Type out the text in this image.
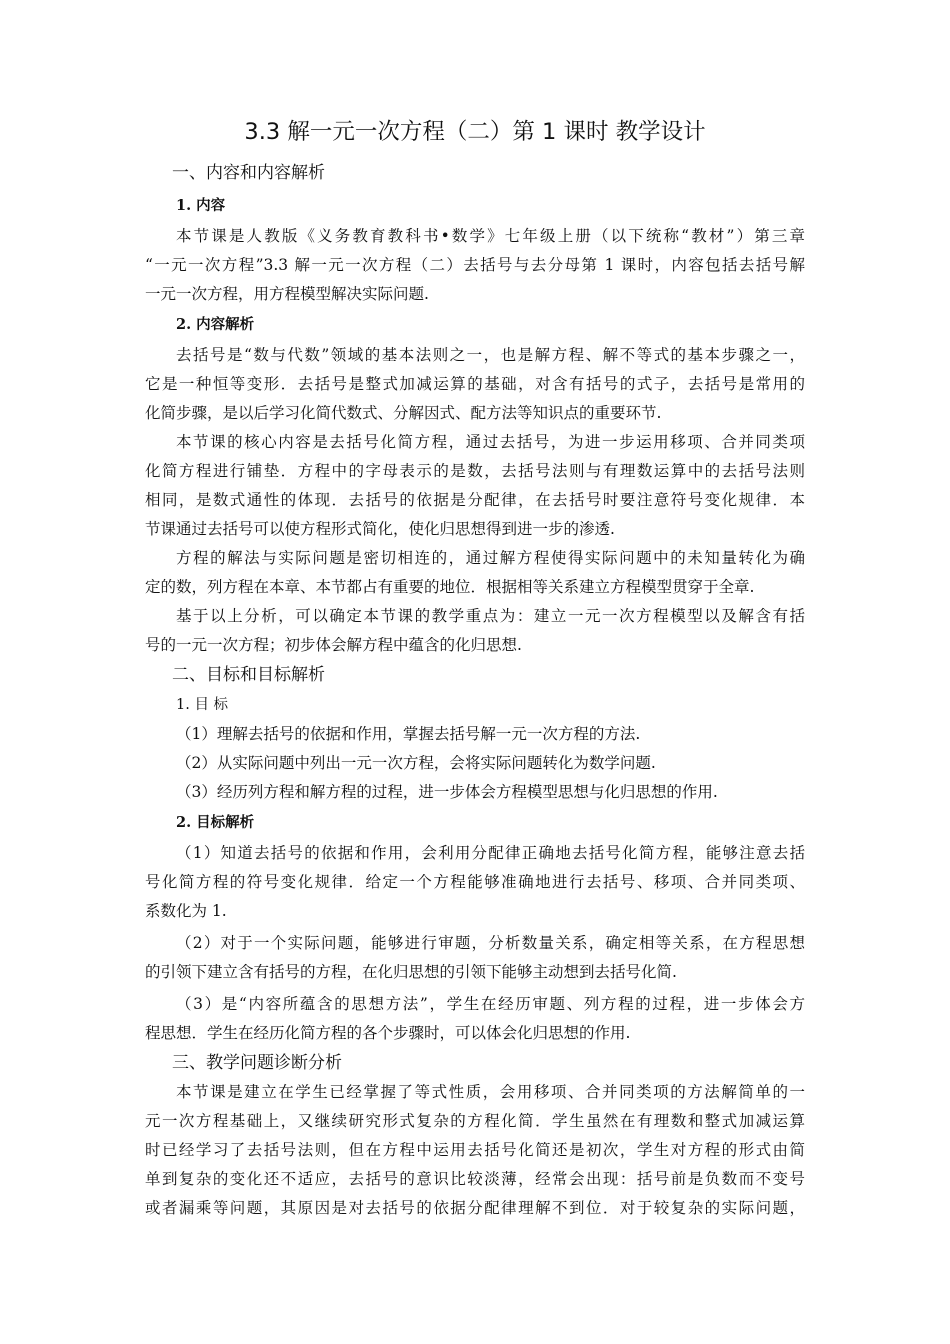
3.3 解一元一次方程（二）第 1 课时 教学设计
一、内容和内容解析
1. 内容
本节课是人教版《义务教育教科书•数学》七年级上册（以下统称“教材”）第三章
“一元一次方程”3.3 解一元一次方程（二）去括号与去分母第 1 课时，内容包括去括号解
一元一次方程，用方程模型解决实际问题.
2. 内容解析
去括号是“数与代数”领域的基本法则之一，也是解方程、解不等式的基本步骤之一，
它是一种恒等变形．去括号是整式加减运算的基础，对含有括号的式子，去括号是常用的
化简步骤，是以后学习化简代数式、分解因式、配方法等知识点的重要环节.
本节课的核心内容是去括号化简方程，通过去括号，为进一步运用移项、合并同类项
化简方程进行铺垫．方程中的字母表示的是数，去括号法则与有理数运算中的去括号法则
相同，是数式通性的体现．去括号的依据是分配律，在去括号时要注意符号变化规律．本
节课通过去括号可以使方程形式简化，使化归思想得到进一步的渗透.
方程的解法与实际问题是密切相连的，通过解方程使得实际问题中的未知量转化为确
定的数，列方程在本章、本节都占有重要的地位．根据相等关系建立方程模型贯穿于全章.
基于以上分析，可以确定本节课的教学重点为：建立一元一次方程模型以及解含有括
号的一元一次方程；初步体会解方程中蕴含的化归思想.
二、目标和目标解析
1. 目 标
（1）理解去括号的依据和作用，掌握去括号解一元一次方程的方法.
（2）从实际问题中列出一元一次方程，会将实际问题转化为数学问题.
（3）经历列方程和解方程的过程，进一步体会方程模型思想与化归思想的作用.
2. 目标解析
（1）知道去括号的依据和作用，会利用分配律正确地去括号化简方程，能够注意去括
号化简方程的符号变化规律．给定一个方程能够准确地进行去括号、移项、合并同类项、
系数化为 1.
（2）对于一个实际问题，能够进行审题，分析数量关系，确定相等关系，在方程思想
的引领下建立含有括号的方程，在化归思想的引领下能够主动想到去括号化简.
（3）是“内容所蕴含的思想方法”，学生在经历审题、列方程的过程，进一步体会方
程思想．学生在经历化简方程的各个步骤时，可以体会化归思想的作用.
三、教学问题诊断分析
本节课是建立在学生已经掌握了等式性质，会用移项、合并同类项的方法解简单的一
元一次方程基础上，又继续研究形式复杂的方程化简．学生虽然在有理数和整式加减运算
时已经学习了去括号法则，但在方程中运用去括号化简还是初次，学生对方程的形式由简
单到复杂的变化还不适应，去括号的意识比较淡薄，经常会出现：括号前是负数而不变号
或者漏乘等问题，其原因是对去括号的依据分配律理解不到位．对于较复杂的实际问题，
